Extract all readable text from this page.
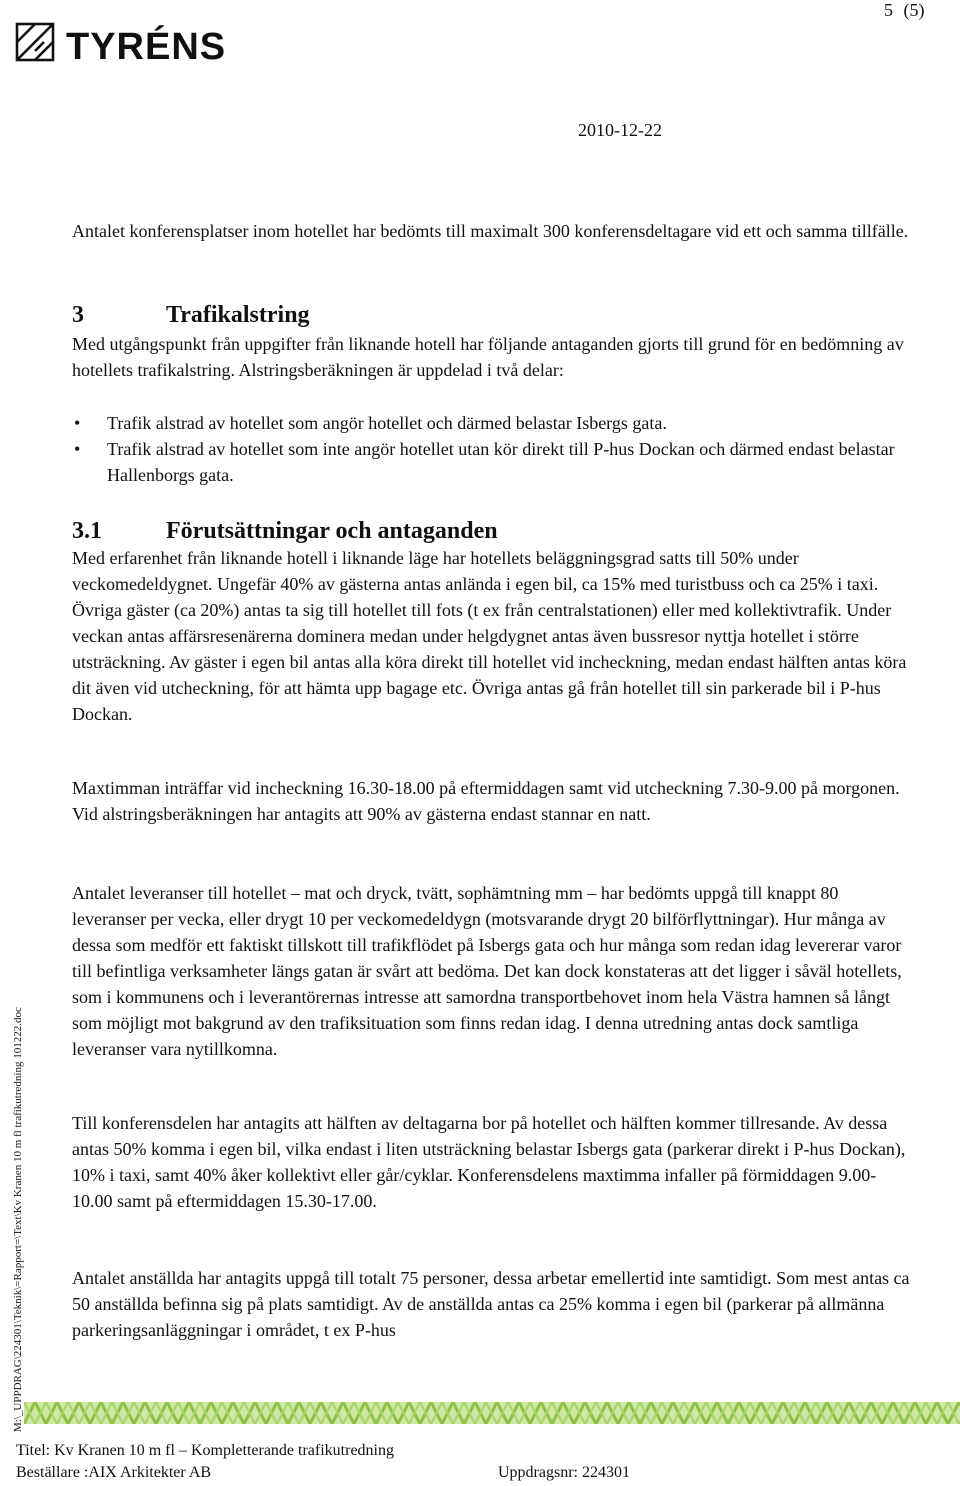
TYRÉNS
5 (5)
2010-12-22

Antalet konferensplatser inom hotellet har bedömts till maximalt 300 konferensdeltagare vid ett och samma tillfälle.

3	Trafikalstring

Med utgångspunkt från uppgifter från liknande hotell har följande antaganden gjorts till grund för en bedömning av hotellets trafikalstring. Alstringsberäkningen är uppdelad i två delar:

• Trafik alstrad av hotellet som angör hotellet och därmed belastar Isbergs gata.
• Trafik alstrad av hotellet som inte angör hotellet utan kör direkt till P-hus Dockan och därmed endast belastar Hallenborgs gata.
3.1	Förutsättningar och antaganden

Med erfarenhet från liknande hotell i liknande läge har hotellets beläggningsgrad satts till 50% under veckomedeldygnet. Ungefär 40% av gästerna antas anlända i egen bil, ca 15% med turistbuss och ca 25% i taxi. Övriga gäster (ca 20%) antas ta sig till hotellet till fots (t ex från centralstationen) eller med kollektivtrafik. Under veckan antas affärsresenärerna dominera medan under helgdygnet antas även bussresor nyttja hotellet i större utsträckning. Av gäster i egen bil antas alla köra direkt till hotellet vid incheckning, medan endast hälften antas köra dit även vid utcheckning, för att hämta upp bagage etc. Övriga antas gå från hotellet till sin parkerade bil i P-hus Dockan.

Maxtimman inträffar vid incheckning 16.30-18.00 på eftermiddagen samt vid utcheckning 7.30-9.00 på morgonen. Vid alstringsberäkningen har antagits att 90% av gästerna endast stannar en natt.

Antalet leveranser till hotellet – mat och dryck, tvätt, sophämtning mm – har bedömts uppgå till knappt 80 leveranser per vecka, eller drygt 10 per veckomedeldygn (motsvarande drygt 20 bilförflyttningar). Hur många av dessa som medför ett faktiskt tillskott till trafikflödet på Isbergs gata och hur många som redan idag levererar varor till befintliga verksamheter längs gatan är svårt att bedöma. Det kan dock konstateras att det ligger i såväl hotellets, som i kommunens och i leverantörernas intresse att samordna transportbehovet inom hela Västra hamnen så långt som möjligt mot bakgrund av den trafiksituation som finns redan idag. I denna utredning antas dock samtliga leveranser vara nytillkomna.

Till konferensdelen har antagits att hälften av deltagarna bor på hotellet och hälften kommer tillresande. Av dessa antas 50% komma i egen bil, vilka endast i liten utsträckning belastar Isbergs gata (parkerar direkt i P-hus Dockan), 10% i taxi, samt 40% åker kollektivt eller går/cyklar. Konferensdelens maxtimma infaller på förmiddagen 9.00-10.00 samt på eftermiddagen 15.30-17.00.

Antalet anställda har antagits uppgå till totalt 75 personer, dessa arbetar emellertid inte samtidigt. Som mest antas ca 50 anställda befinna sig på plats samtidigt. Av de anställda antas ca 25% komma i egen bil (parkerar på allmänna parkeringsanläggningar i området, t ex P-hus

M:\_UPPDRAG\224301\Teknik\=Rapport=\Text\Kv Kranen 10 m fl trafikutredning 101222.doc
Titel: Kv Kranen 10 m fl – Kompletterande trafikutredning
Beställare :AIX Arkitekter AB	Uppdragsnr: 224301
